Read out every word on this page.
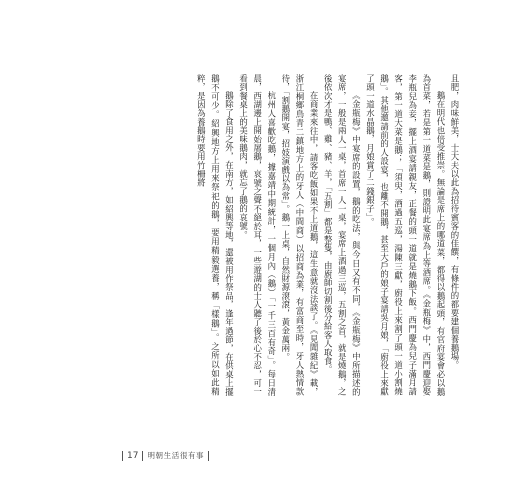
且肥，肉味鮮美，士大夫以此為招待賓客的佳饌，有條件的都要建個養鵝場。

鵝在明代也倍受推崇。無論是席上的哪道菜，都得以鵝起頭，有官府宴會必以鵝為首菜，若是第一道菜是鵝，則證明此宴席為上等酒席。《金瓶梅》中，西門慶迎娶李瓶兒為妾，擺上酒宴請親友，正餐的頭一道就是燒鵝下飯。西門慶為兒子滿月請客，第一道大菜是鵝；「須臾，酒過五巡，湯陳三獻，廚役上來割了頭一道小割燒鵝」。其他邀請前的人設宴，也離不開鵝，甚至大戶的娘子宴請吳月娘，「廚役上來獻了頭一道水晶鵝，月娘賞了二錢銀子」。

《金瓶梅》中宴席的設置，鵝的吃法，與今日又有不同，《金瓶梅》中所描述的宴席，一般是兩人一桌，首席一人一桌，宴席上酒過三巡，五割之首，就是燒鵝，之後依次才是鴨、雞、豬、羊，「五割」都是整隻，由廚師切割後分給客人取食。

在商業來往中，請客吃飯如果不上道鵝，這生意就沒法談了。《見聞雜紀》載，浙江桐鄉鳥青二鎮地方上的牙人（中間商）以招商為業，有富商至時，牙人熱情款待，「割鵝開宴，招妓演戲以為常」。鵝一上桌，自然財源滾滾，黃金萬兩。

杭州人喜歡吃鵝，據嘉靖中期統計，一個月內（鵝）「一千三百有奇」。每日清晨，西湖邊上開始屠鵝，哀號之聲不絕於耳，一些遊湖的士人聽了後於心不忍，可一看到餐桌上的美味鵝肉，就忘了鵝的哀號。

鵝除了食用之外，在南方，如紹興等地，還被用作祭品，逢年過節，在供桌上擺鵝不可少。紹興地方上用來祭祀的鵝，要用精毅選養，稱「樣鵝」。之所以如此精粹，是因為養鵝時要用竹柵將

17 明朝生活很有事
